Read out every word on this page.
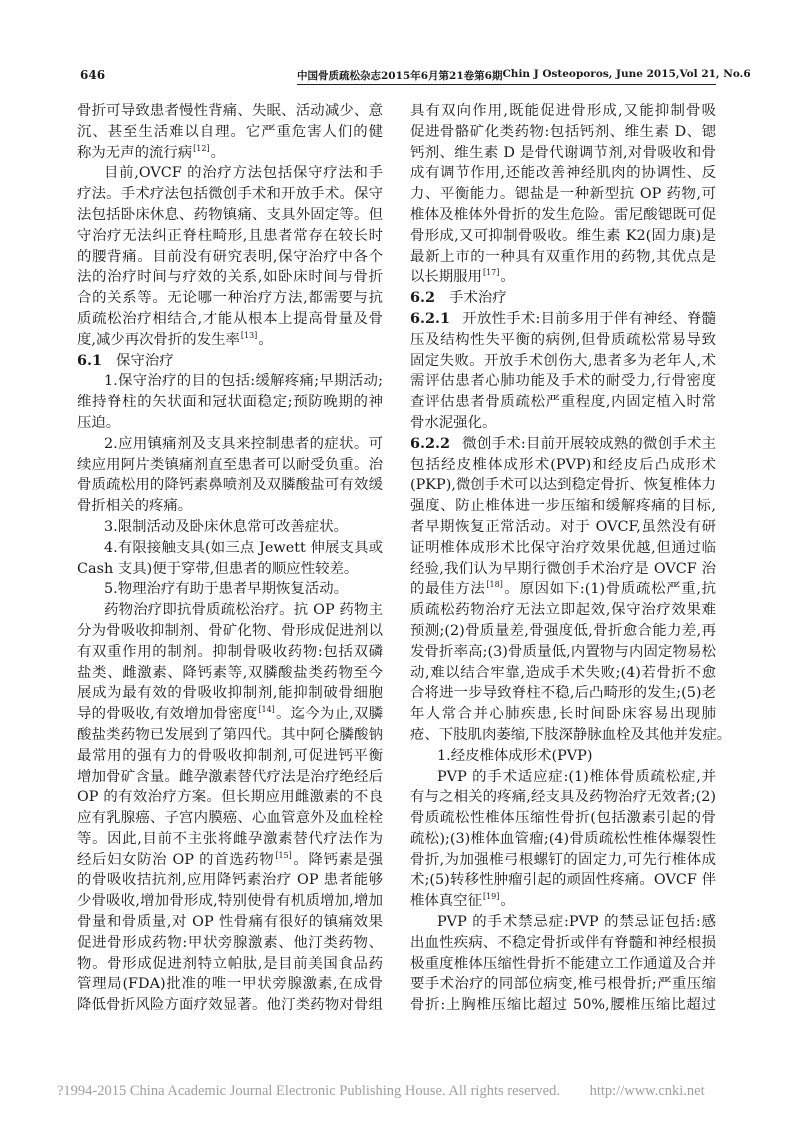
646	中国骨质疏松杂志 2015年6月第21卷第6期 Chin J Osteoporos, June 2015,Vol 21, No.6
骨折可导致患者慢性背痛、失眠、活动减少、意
沉、甚至生活难以自理。它严重危害人们的健
称为无声的流行病[12]。
目前,OVCF 的治疗方法包括保守疗法和手
疗法。手术疗法包括微创手术和开放手术。保守
法包括卧床休息、药物镇痛、支具外固定等。但
守治疗无法纠正脊柱畸形,且患者常存在较长时
的腰背痛。目前没有研究表明,保守治疗中各个
法的治疗时间与疗效的关系,如卧床时间与骨折
合的关系等。无论哪一种治疗方法,都需要与抗
质疏松治疗相结合,才能从根本上提高骨量及骨
度,减少再次骨折的发生率[13]。
6.1 保守治疗
1.保守治疗的目的包括:缓解疼痛;早期活动;
维持脊柱的矢状面和冠状面稳定;预防晚期的神
压迫。
2.应用镇痛剂及支具来控制患者的症状。可
续应用阿片类镇痛剂直至患者可以耐受负重。治
骨质疏松用的降钙素鼻喷剂及双膦酸盐可有效缓
骨折相关的疼痛。
3.限制活动及卧床休息常可改善症状。
4.有限接触支具(如三点 Jewett 伸展支具或
Cash 支具)便于穿带,但患者的顺应性较差。
5.物理治疗有助于患者早期恢复活动。
药物治疗即抗骨质疏松治疗。抗 OP 药物主
分为骨吸收抑制剂、骨矿化物、骨形成促进剂以
有双重作用的制剂。抑制骨吸收药物:包括双磷
盐类、雌激素、降钙素等,双膦酸盐类药物至今
展成为最有效的骨吸收抑制剂,能抑制破骨细胞
导的骨吸收,有效增加骨密度[14]。迄今为止,双膦
酸盐类药物已发展到了第四代。其中阿仑膦酸钠
最常用的强有力的骨吸收抑制剂,可促进钙平衡
增加骨矿含量。雌孕激素替代疗法是治疗绝经后
OP 的有效治疗方案。但长期应用雌激素的不良
应有乳腺癌、子宫内膜癌、心血管意外及血栓栓
等。因此,目前不主张将雌孕激素替代疗法作为
经后妇女防治 OP 的首选药物[15]。降钙素是强
的骨吸收拮抗剂,应用降钙素治疗 OP 患者能够
少骨吸收,增加骨形成,特别使骨有机质增加,增加
骨量和骨质量,对 OP 性骨痛有很好的镇痛效果
促进骨形成药物:甲状旁腺激素、他汀类药物、
物。骨形成促进剂特立帕肽,是目前美国食品药
管理局(FDA)批准的唯一甲状旁腺激素,在成骨
降低骨折风险方面疗效显著。他汀类药物对骨组
具有双向作用,既能促进骨形成,又能抑制骨吸
促进骨骼矿化类药物:包括钙剂、维生素 D、锶
钙剂、维生素 D 是骨代谢调节剂,对骨吸收和骨
成有调节作用,还能改善神经肌肉的协调性、反
力、平衡能力。锶盐是一种新型抗 OP 药物,可
椎体及椎体外骨折的发生危险。雷尼酸锶既可促
骨形成,又可抑制骨吸收。维生素 K2(固力康)是
最新上市的一种具有双重作用的药物,其优点是
以长期服用[17]。
6.2 手术治疗
6.2.1 开放性手术:目前多用于伴有神经、脊髓
压及结构性失平衡的病例,但骨质疏松常易导致
固定失败。开放手术创伤大,患者多为老年人,术
需评估患者心肺功能及手术的耐受力,行骨密度
查评估患者骨质疏松严重程度,内固定植入时常
骨水泥强化。
6.2.2 微创手术:目前开展较成熟的微创手术主
包括经皮椎体成形术(PVP)和经皮后凸成形术
(PKP),微创手术可以达到稳定骨折、恢复椎体力
强度、防止椎体进一步压缩和缓解疼痛的目标,
者早期恢复正常活动。对于 OVCF,虽然没有研
证明椎体成形术比保守治疗效果优越,但通过临
经验,我们认为早期行微创手术治疗是 OVCF 治
的最佳方法[18]。原因如下:(1)骨质疏松严重,抗
质疏松药物治疗无法立即起效,保守治疗效果难
预测;(2)骨质量差,骨强度低,骨折愈合能力差,再
发骨折率高;(3)骨质量低,内置物与内固定物易松
动,难以结合牢靠,造成手术失败;(4)若骨折不愈
合将进一步导致脊柱不稳,后凸畸形的发生;(5)老
年人常合并心肺疾患,长时间卧床容易出现肺
疮、下肢肌肉萎缩,下肢深静脉血栓及其他并发症。
1.经皮椎体成形术(PVP)
PVP 的手术适应症:(1)椎体骨质疏松症,并
有与之相关的疼痛,经支具及药物治疗无效者;(2)
骨质疏松性椎体压缩性骨折(包括激素引起的骨
疏松);(3)椎体血管瘤;(4)骨质疏松性椎体爆裂性
骨折,为加强椎弓根螺钉的固定力,可先行椎体成
术;(5)转移性肿瘤引起的顽固性疼痛。OVCF 伴
椎体真空征[19]。
PVP 的手术禁忌症:PVP 的禁忌证包括:感
出血性疾病、不稳定骨折或伴有脊髓和神经根损
极重度椎体压缩性骨折不能建立工作通道及合并
要手术治疗的同部位病变,椎弓根骨折;严重压缩
骨折:上胸椎压缩比超过 50%,腰椎压缩比超过
?1994-2015 China Academic Journal Electronic Publishing House. All rights reserved. http://www.cnki.net
